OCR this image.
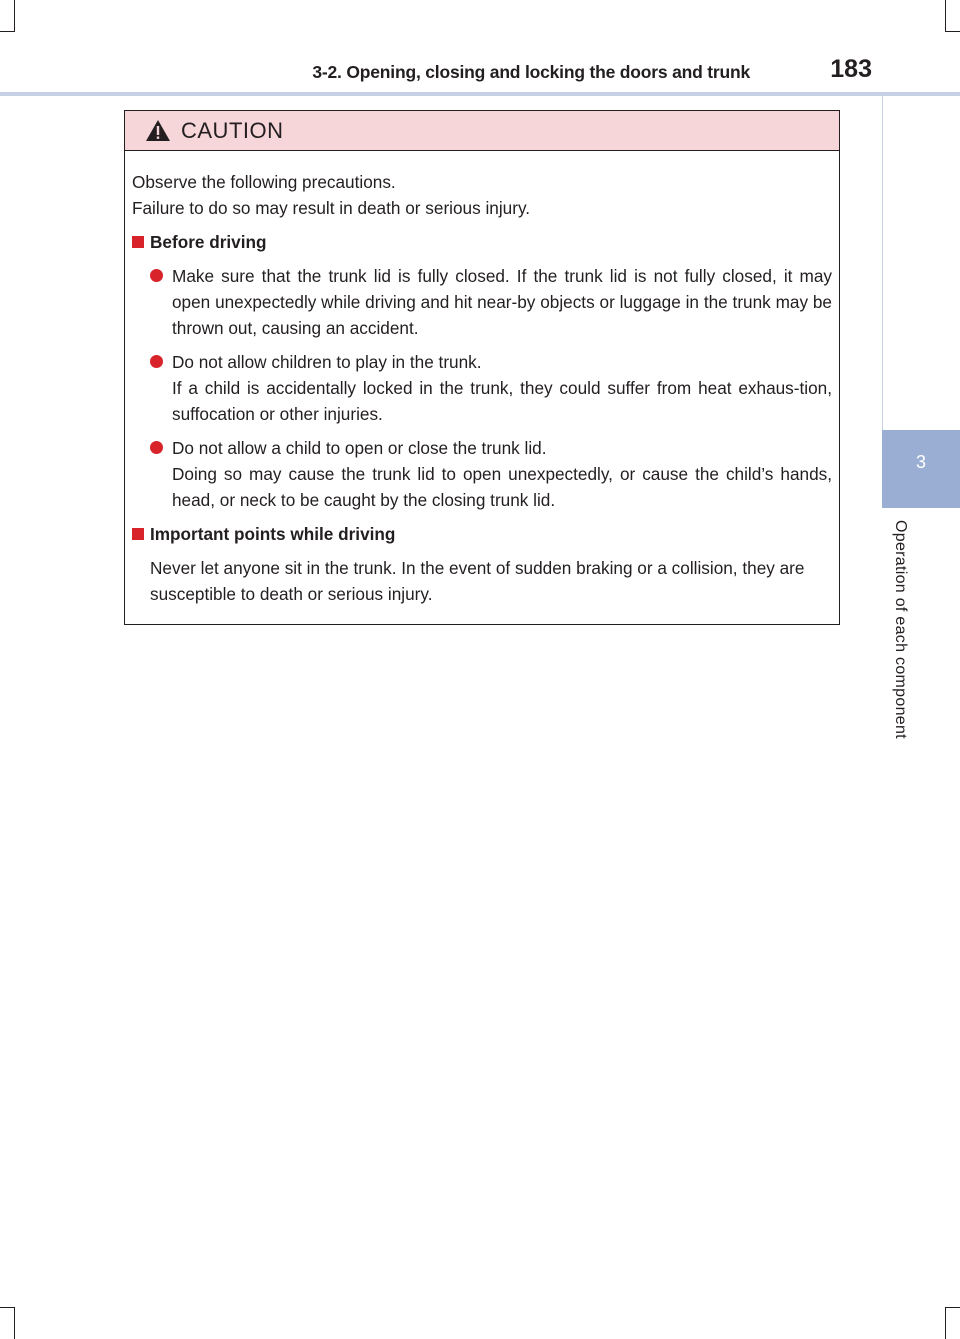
3-2. Opening, closing and locking the doors and trunk	183
3
Operation of each component
CAUTION
Observe the following precautions.
Failure to do so may result in death or serious injury.
Before driving
Make sure that the trunk lid is fully closed. If the trunk lid is not fully closed, it may open unexpectedly while driving and hit near-by objects or luggage in the trunk may be thrown out, causing an accident.
Do not allow children to play in the trunk.
If a child is accidentally locked in the trunk, they could suffer from heat exhaus-tion, suffocation or other injuries.
Do not allow a child to open or close the trunk lid.
Doing so may cause the trunk lid to open unexpectedly, or cause the child’s hands, head, or neck to be caught by the closing trunk lid.
Important points while driving
Never let anyone sit in the trunk. In the event of sudden braking or a collision, they are susceptible to death or serious injury.
